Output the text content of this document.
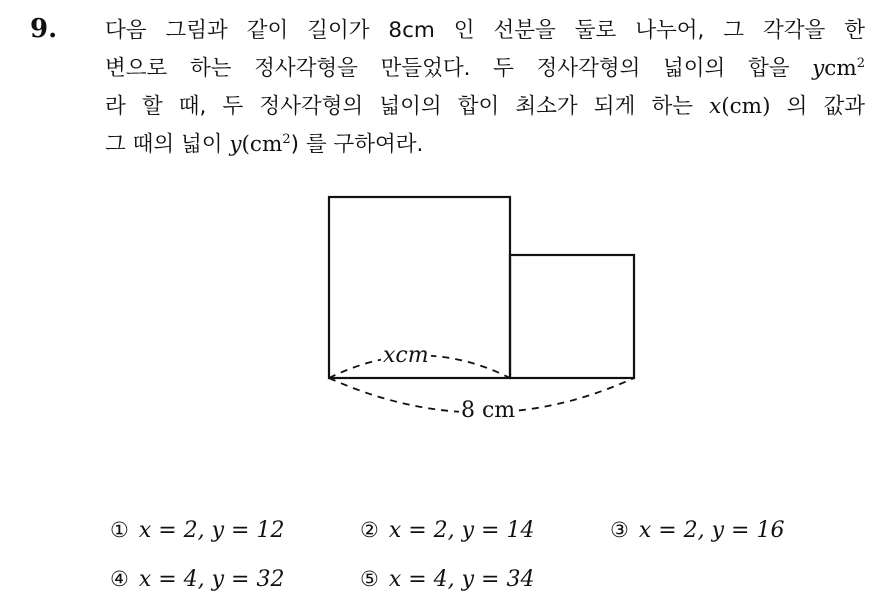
9. 다음 그림과 같이 길이가 8cm 인 선분을 둘로 나누어, 그 각각을 한
변으로 하는 정사각형을 만들었다. 두 정사각형의 넓이의 합을 ycm$^2$
라 할 때, 두 정사각형의 넓이의 합이 최소가 되게 하는 x(cm) 의 값과
그 때의 넓이 $y(cm^2)$ 를 구하여라.
xcm
8 cm
① x = 2, y = 12	② x = 2, y = 14	③ x = 2, y = 16
④ x = 4, y = 32	⑤ x = 4, y = 34
